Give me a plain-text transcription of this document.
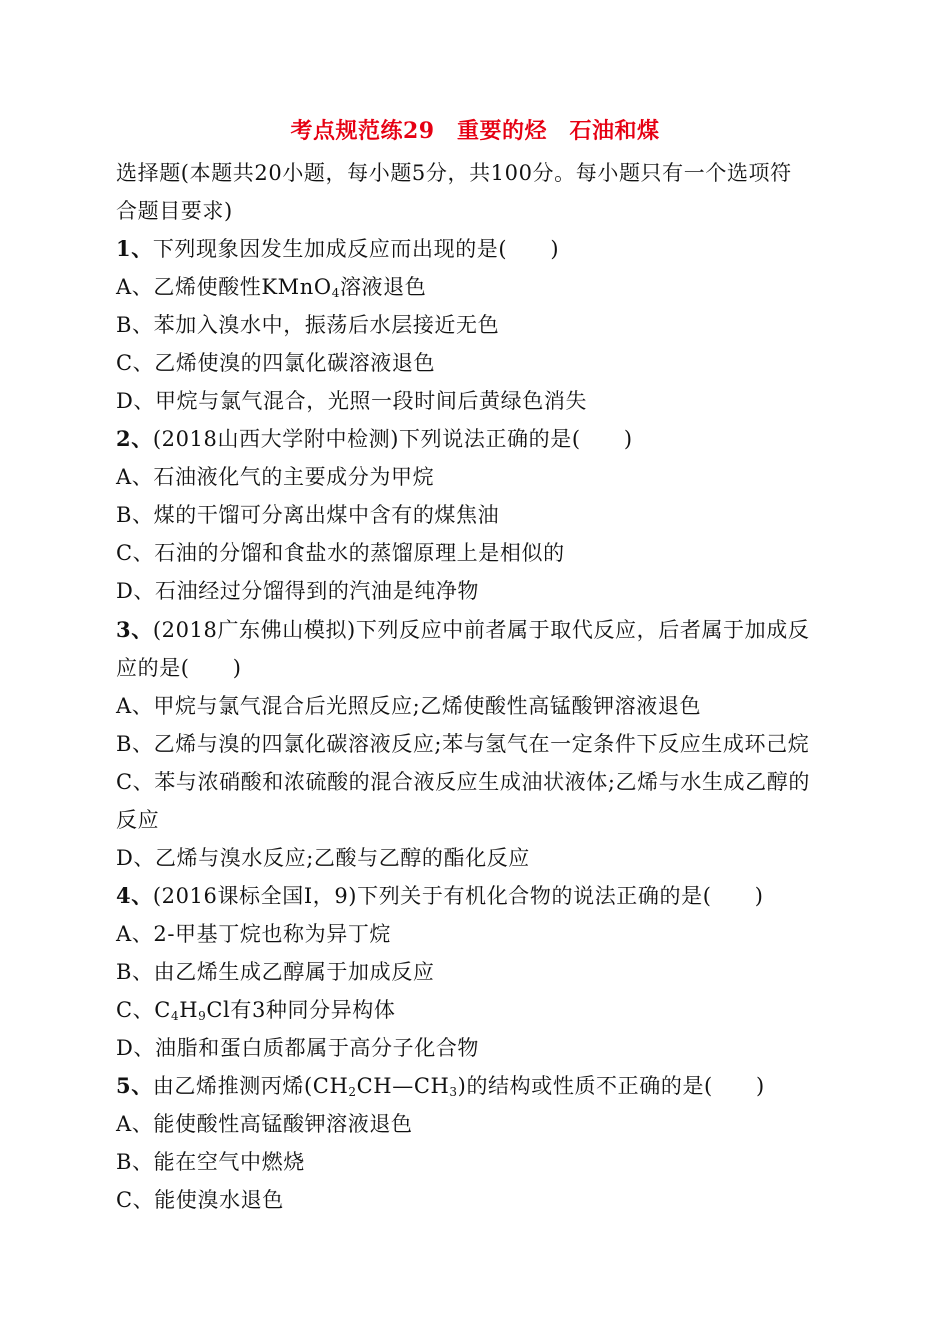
考点规范练29　重要的烃　石油和煤
选择题(本题共20小题，每小题5分，共100分。每小题只有一个选项符
合题目要求)
1、下列现象因发生加成反应而出现的是(　　)
A、乙烯使酸性KMnO$_4$溶液退色
B、苯加入溴水中，振荡后水层接近无色
C、乙烯使溴的四氯化碳溶液退色
D、甲烷与氯气混合，光照一段时间后黄绿色消失
2、(2018山西大学附中检测)下列说法正确的是(　　)
A、石油液化气的主要成分为甲烷
B、煤的干馏可分离出煤中含有的煤焦油
C、石油的分馏和食盐水的蒸馏原理上是相似的
D、石油经过分馏得到的汽油是纯净物
3、(2018广东佛山模拟)下列反应中前者属于取代反应，后者属于加成反
应的是(　　)
A、甲烷与氯气混合后光照反应;乙烯使酸性高锰酸钾溶液退色
B、乙烯与溴的四氯化碳溶液反应;苯与氢气在一定条件下反应生成环己烷
C、苯与浓硝酸和浓硫酸的混合液反应生成油状液体;乙烯与水生成乙醇的
反应
D、乙烯与溴水反应;乙酸与乙醇的酯化反应
4、(2016课标全国Ⅰ，9)下列关于有机化合物的说法正确的是(　　)
A、2-甲基丁烷也称为异丁烷
B、由乙烯生成乙醇属于加成反应
C、$C_4H_9Cl$有3种同分异构体
D、油脂和蛋白质都属于高分子化合物
5、由乙烯推测丙烯$(CH_2CH—CH_3)$的结构或性质不正确的是(　　)
A、能使酸性高锰酸钾溶液退色
B、能在空气中燃烧
C、能使溴水退色
